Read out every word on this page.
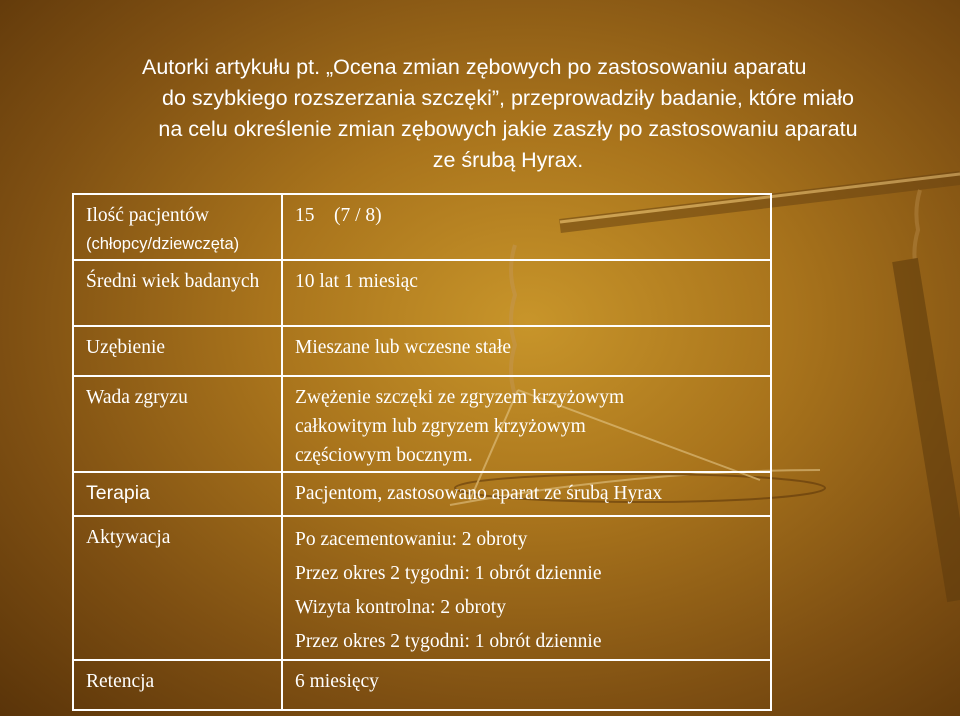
Autorki artykułu pt. „Ocena zmian zębowych po zastosowaniu aparatu

do szybkiego rozszerzania szczęki”, przeprowadziły badanie, które miało

na celu określenie zmian zębowych jakie zaszły po zastosowaniu aparatu

ze śrubą Hyrax.

Ilość pacjentów
(chłopcy/dziewczęta)	15    (7 / 8)

Średni wiek badanych	10 lat 1 miesiąc

Uzębienie	Mieszane lub wczesne stałe

Wada zgryzu	Zwężenie szczęki ze zgryzem krzyżowym
całkowitym lub zgryzem krzyżowym
częściowym bocznym.

Terapia	Pacjentom, zastosowano aparat ze śrubą Hyrax

Aktywacja	Po zacementowaniu: 2 obroty
Przez okres 2 tygodni: 1 obrót dziennie
Wizyta kontrolna: 2 obroty
Przez okres 2 tygodni: 1 obrót dziennie

Retencja	6 miesięcy
